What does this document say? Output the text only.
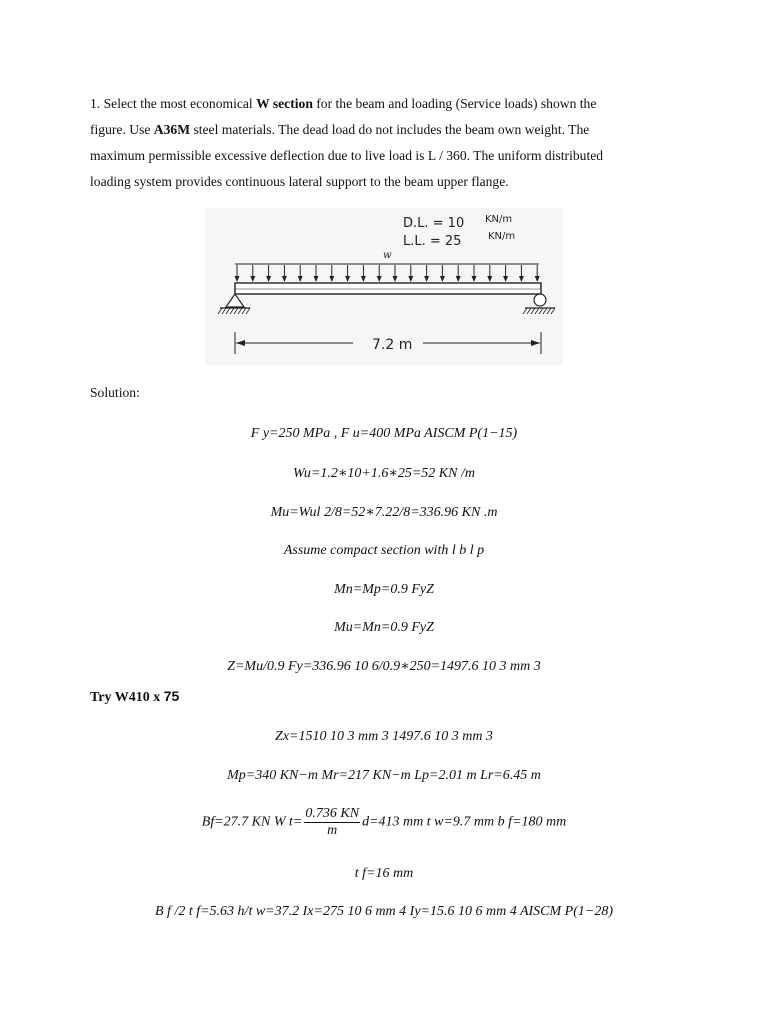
1. Select the most economical W section for the beam and loading (Service loads) shown the

figure. Use A36M steel materials. The dead load do not includes the beam own weight. The

maximum permissible excessive deflection due to live load is L / 360. The uniform distributed

loading system provides continuous lateral support to the beam upper flange.

D.L. = 10 KN/m
L.L. = 25	KN/m
w
7.2 m
Solution:
F y=250 MPa , F u=400 MPa AISCM P(1−15)
Wu=1.2∗10+1.6∗25=52 KN /m
Mu=Wul 2/8=52∗7.22/8=336.96 KN .m
Assume compact section with l b l p
Mn=Mp=0.9 FyZ
Mu=Mn=0.9 FyZ
Z=Mu/0.9 Fy=336.96 10 6/0.9∗250=1497.6 10 3 mm 3
Try W410 x 75
Zx=1510 10 3 mm 3 1497.6 10 3 mm 3
Mp=340 KN−m Mr=217 KN−m Lp=2.01 m Lr=6.45 m
Bf=27.7 KN W $t= \frac{0.736 KN}{m} d=413$ mm t w=9.7 mm b f=180 mm
t f=16 mm
B f /2 t f=5.63 h/t w=37.2 Ix=275 10 6 mm 4 Iy=15.6 10 6 mm 4 AISCM P(1−28)
